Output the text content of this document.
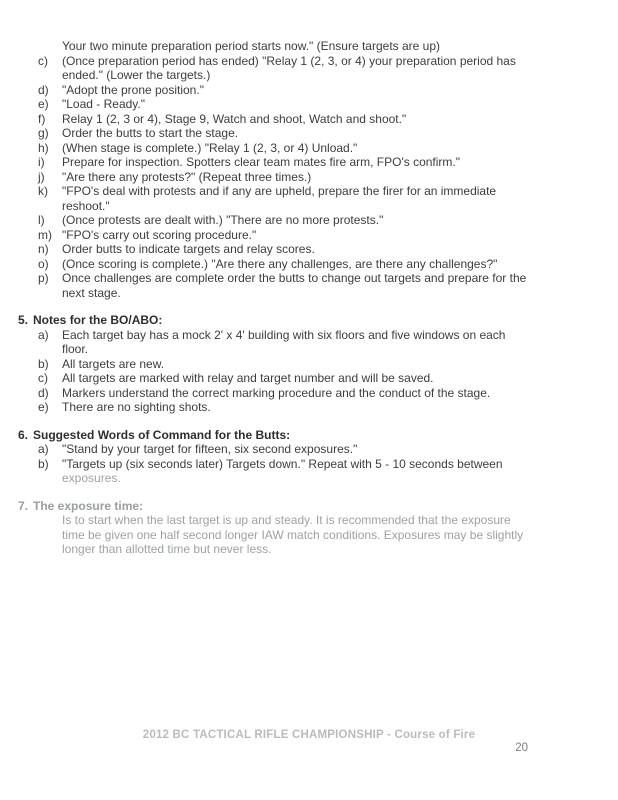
Your two minute preparation period starts now." (Ensure targets are up)
c)	(Once preparation period has ended) "Relay 1 (2, 3, or 4) your preparation period has
ended." (Lower the targets.)
d)	"Adopt the prone position."
e)	"Load - Ready."
f)	Relay 1 (2, 3 or 4), Stage 9, Watch and shoot, Watch and shoot."
g)	Order the butts to start the stage.
h)	(When stage is complete.) "Relay 1 (2, 3, or 4) Unload."
i)	Prepare for inspection. Spotters clear team mates fire arm, FPO's confirm."
j)	"Are there any protests?" (Repeat three times.)
k)	"FPO's deal with protests and if any are upheld, prepare the firer for an immediate
reshoot."
l)	(Once protests are dealt with.) "There are no more protests."
m) "FPO's carry out scoring procedure."
n)	Order butts to indicate targets and relay scores.
o)	(Once scoring is complete.) "Are there any challenges, are there any challenges?"
p)	Once challenges are complete order the butts to change out targets and prepare for the
next stage.
5. Notes for the BO/ABO:
a)	Each target bay has a mock 2' x 4' building with six floors and five windows on each
floor.
b)	All targets are new.
c)	All targets are marked with relay and target number and will be saved.
d)	Markers understand the correct marking procedure and the conduct of the stage.
e)	There are no sighting shots.
6. Suggested Words of Command for the Butts:
a)	"Stand by your target for fifteen, six second exposures."
b)	"Targets up (six seconds later) Targets down." Repeat with 5 - 10 seconds between
exposures.
7. The exposure time:
Is to start when the last target is up and steady. It is recommended that the exposure
time be given one half second longer IAW match conditions. Exposures may be slightly
longer than allotted time but never less.
2012 BC TACTICAL RIFLE CHAMPIONSHIP - Course of Fire
20
